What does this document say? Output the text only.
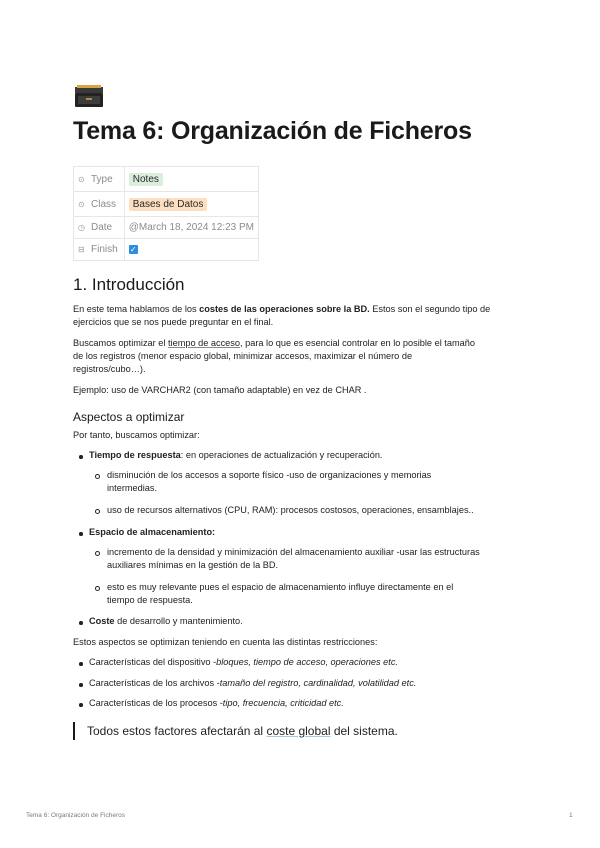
Tema 6: Organización de Ficheros
⊙ Type	Notes
⊙ Class	Bases de Datos
◷ Date	@March 18, 2024 12:23 PM
⊟ Finish	✓
1. Introducción
En este tema hablamos de los costes de las operaciones sobre la BD. Estos son el segundo tipo de
ejercicios que se nos puede preguntar en el final.
Buscamos optimizar el tiempo de acceso, para lo que es esencial controlar en lo posible el tamaño
de los registros (menor espacio global, minimizar accesos, maximizar el número de
registros/cubo…).
Ejemplo: uso de VARCHAR2 (con tamaño adaptable) en vez de CHAR .
Aspectos a optimizar
Por tanto, buscamos optimizar:
Tiempo de respuesta: en operaciones de actualización y recuperación.
disminución de los accesos a soporte físico -uso de organizaciones y memorias
intermedias.
uso de recursos alternativos (CPU, RAM): procesos costosos, operaciones, ensamblajes..
Espacio de almacenamiento:
incremento de la densidad y minimización del almacenamiento auxiliar -usar las estructuras
auxiliares mínimas en la gestión de la BD.
esto es muy relevante pues el espacio de almacenamiento influye directamente en el
tiempo de respuesta.
Coste de desarrollo y mantenimiento.
Estos aspectos se optimizan teniendo en cuenta las distintas restricciones:
Características del dispositivo -bloques, tiempo de acceso, operaciones etc.
Características de los archivos -tamaño del registro, cardinalidad, volatilidad etc.
Características de los procesos -tipo, frecuencia, criticidad etc.
Todos estos factores afectarán al coste global del sistema.
Tema 6: Organización de Ficheros	1
